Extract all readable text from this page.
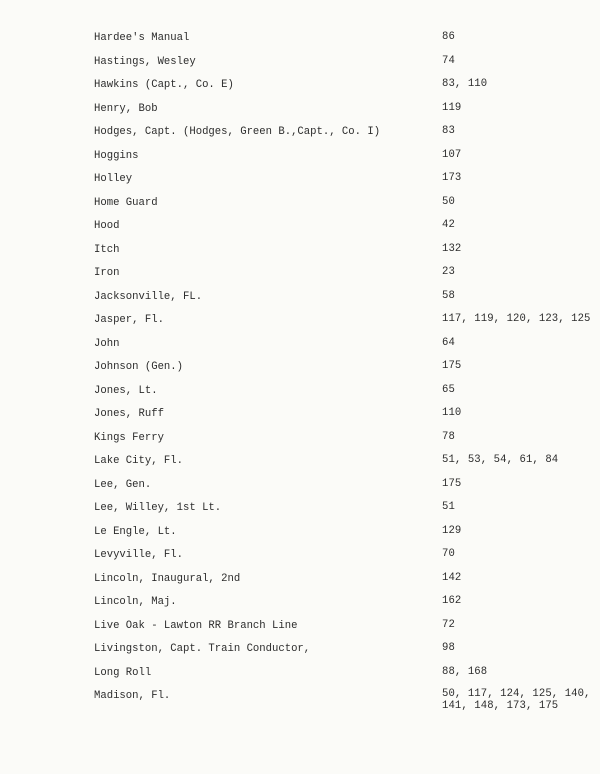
Hardee's Manual	86
Hastings, Wesley	74
Hawkins (Capt., Co. E)	83, 110
Henry, Bob	119
Hodges, Capt. (Hodges, Green B.,Capt., Co. I)	83
Hoggins	107
Holley	173
Home Guard	50
Hood	42
Itch	132
Iron	23
Jacksonville, FL.	58
Jasper, Fl.	117, 119, 120, 123, 125
John	64
Johnson (Gen.)	175
Jones, Lt.	65
Jones, Ruff	110
Kings Ferry	78
Lake City, Fl.	51, 53, 54, 61, 84
Lee, Gen.	175
Lee, Willey, 1st Lt.	51
Le Engle, Lt.	129
Levyville, Fl.	70
Lincoln, Inaugural, 2nd	142
Lincoln, Maj.	162
Live Oak - Lawton RR Branch Line	72
Livingston, Capt. Train Conductor,	98
Long Roll	88, 168
Madison, Fl.	50, 117, 124, 125, 140,
141, 148, 173, 175
